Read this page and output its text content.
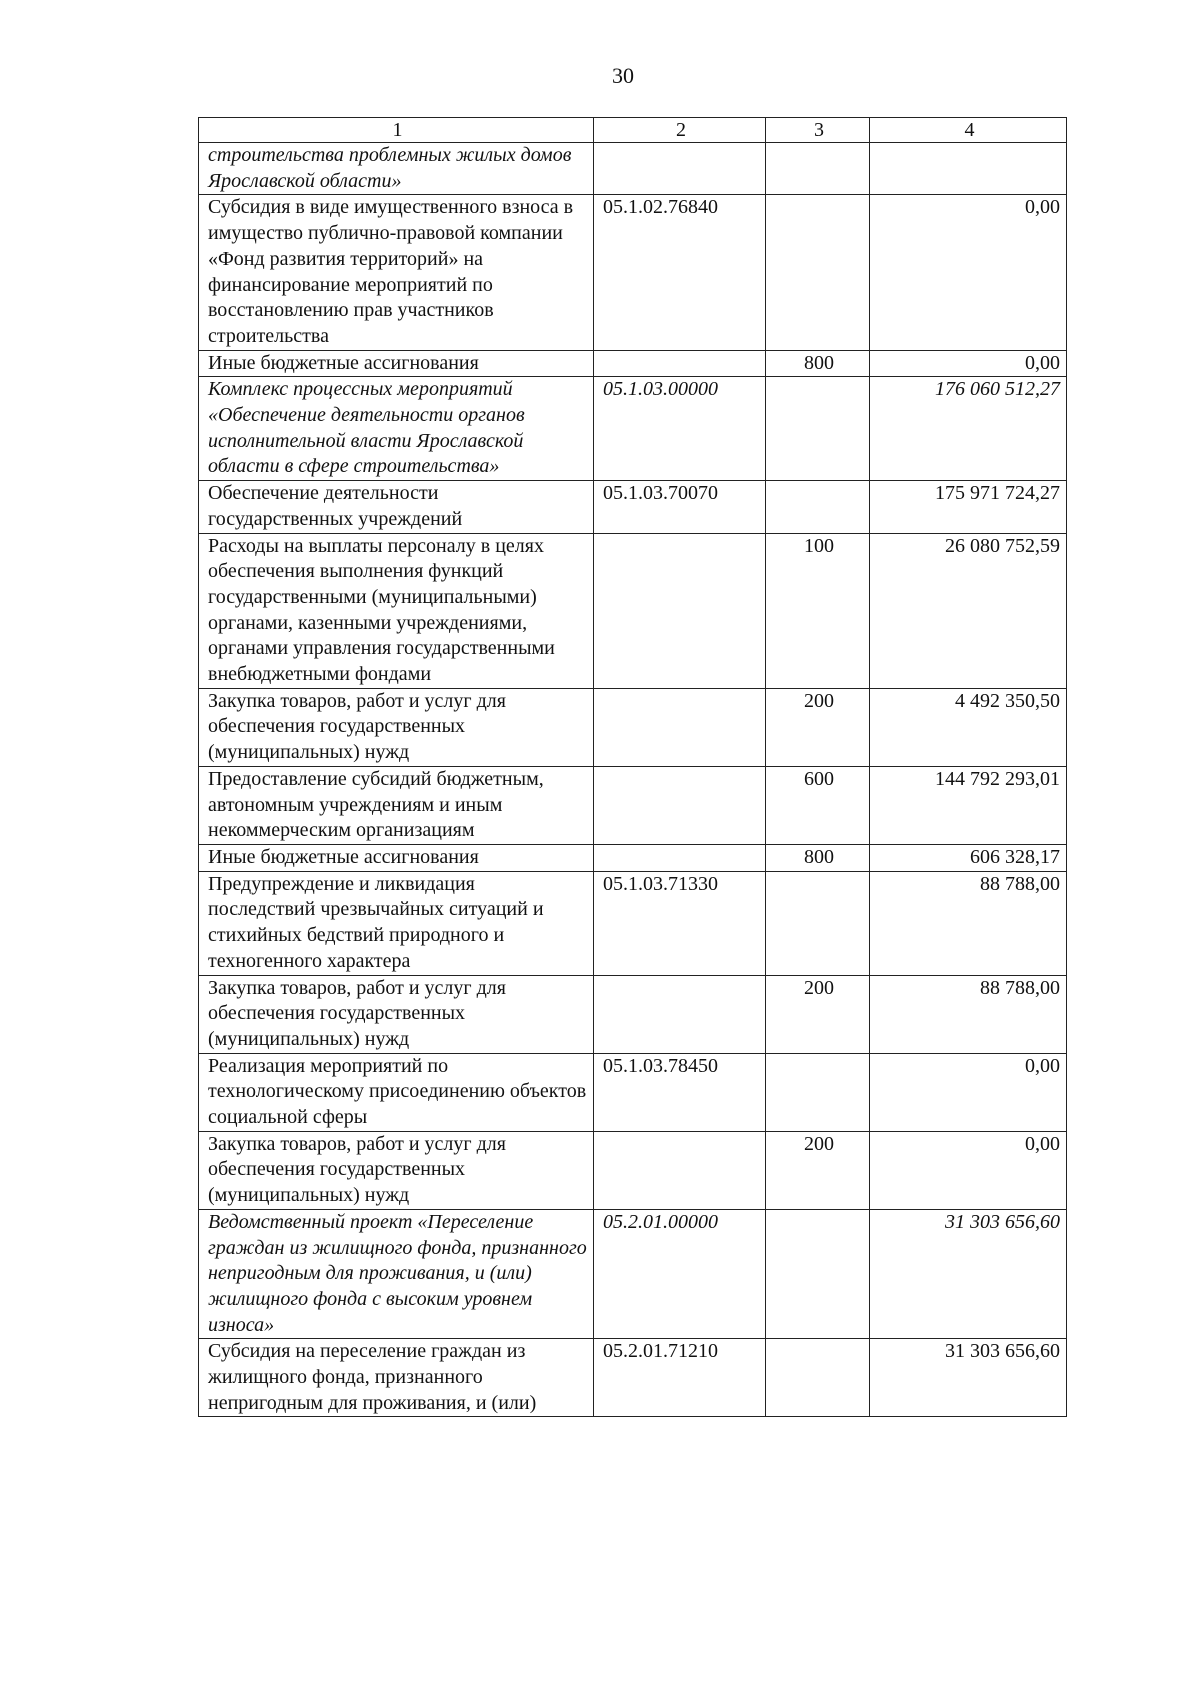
30
1	2	3	4
строительства проблемных жилых домов Ярославской области»			
Субсидия в виде имущественного взноса в имущество публично-правовой компании «Фонд развития территорий» на финансирование мероприятий по восстановлению прав участников строительства	05.1.02.76840		0,00
Иные бюджетные ассигнования		800	0,00
Комплекс процессных мероприятий «Обеспечение деятельности органов исполнительной власти Ярославской области в сфере строительства»	05.1.03.00000		176 060 512,27
Обеспечение деятельности государственных учреждений	05.1.03.70070		175 971 724,27
Расходы на выплаты персоналу в целях обеспечения выполнения функций государственными (муниципальными) органами, казенными учреждениями, органами управления государственными внебюджетными фондами		100	26 080 752,59
Закупка товаров, работ и услуг для обеспечения государственных (муниципальных) нужд		200	4 492 350,50
Предоставление субсидий бюджетным, автономным учреждениям и иным некоммерческим организациям		600	144 792 293,01
Иные бюджетные ассигнования		800	606 328,17
Предупреждение и ликвидация последствий чрезвычайных ситуаций и стихийных бедствий природного и техногенного характера	05.1.03.71330		88 788,00
Закупка товаров, работ и услуг для обеспечения государственных (муниципальных) нужд		200	88 788,00
Реализация мероприятий по технологическому присоединению объектов социальной сферы	05.1.03.78450		0,00
Закупка товаров, работ и услуг для обеспечения государственных (муниципальных) нужд		200	0,00
Ведомственный проект «Переселение граждан из жилищного фонда, признанного непригодным для проживания, и (или) жилищного фонда с высоким уровнем износа»	05.2.01.00000		31 303 656,60
Субсидия на переселение граждан из жилищного фонда, признанного непригодным для проживания, и (или)	05.2.01.71210		31 303 656,60
